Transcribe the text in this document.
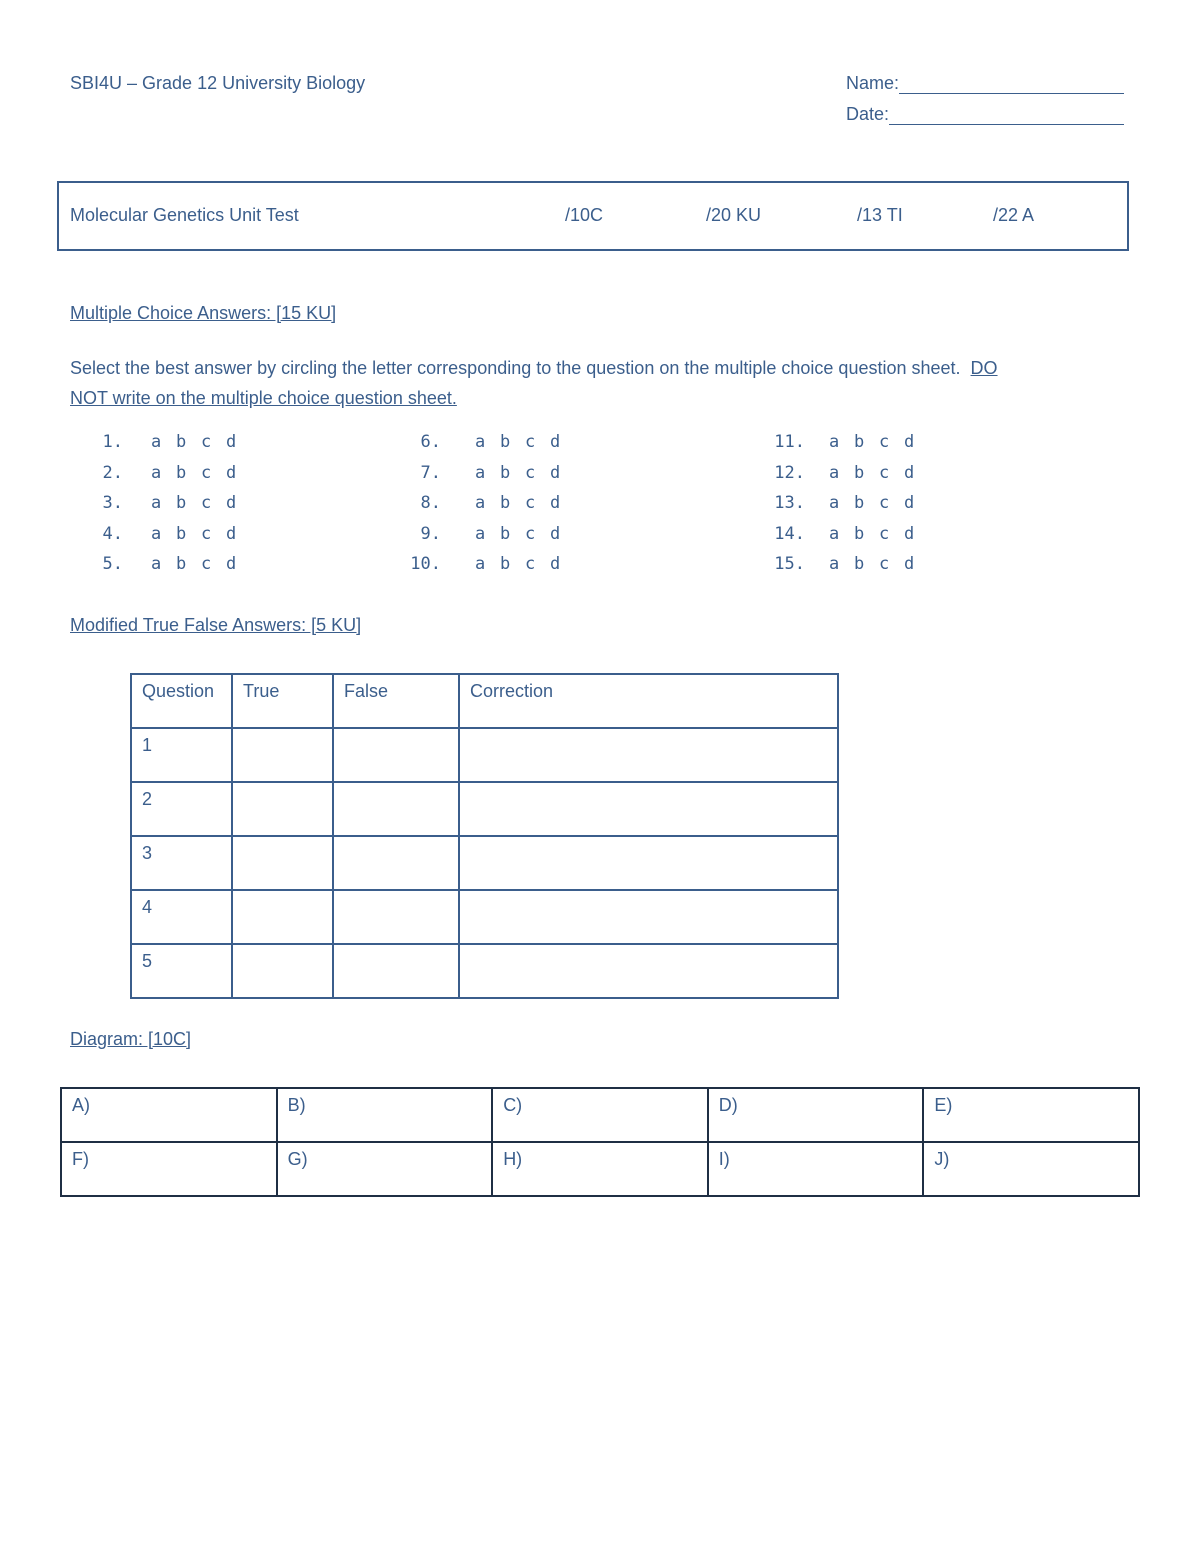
SBI4U – Grade 12 University Biology	Name:
Date:
Molecular Genetics Unit Test	/10C	/20 KU	/13 TI	/22 A
Multiple Choice Answers: [15 KU]
Select the best answer by circling the letter corresponding to the question on the multiple choice question sheet. DO
NOT write on the multiple choice question sheet.
1. a b c d
2. a b c d
3. a b c d
4. a b c d
5. a b c d
6. a b c d
7. a b c d
8. a b c d
9. a b c d
10. a b c d
11. a b c d
12. a b c d
13. a b c d
14. a b c d
15. a b c d
Modified True False Answers: [5 KU]
Question	True	False	Correction
1			
2			
3			
4			
5			
Diagram: [10C]
A)	B)	C)	D)	E)
F)	G)	H)	I)	J)
